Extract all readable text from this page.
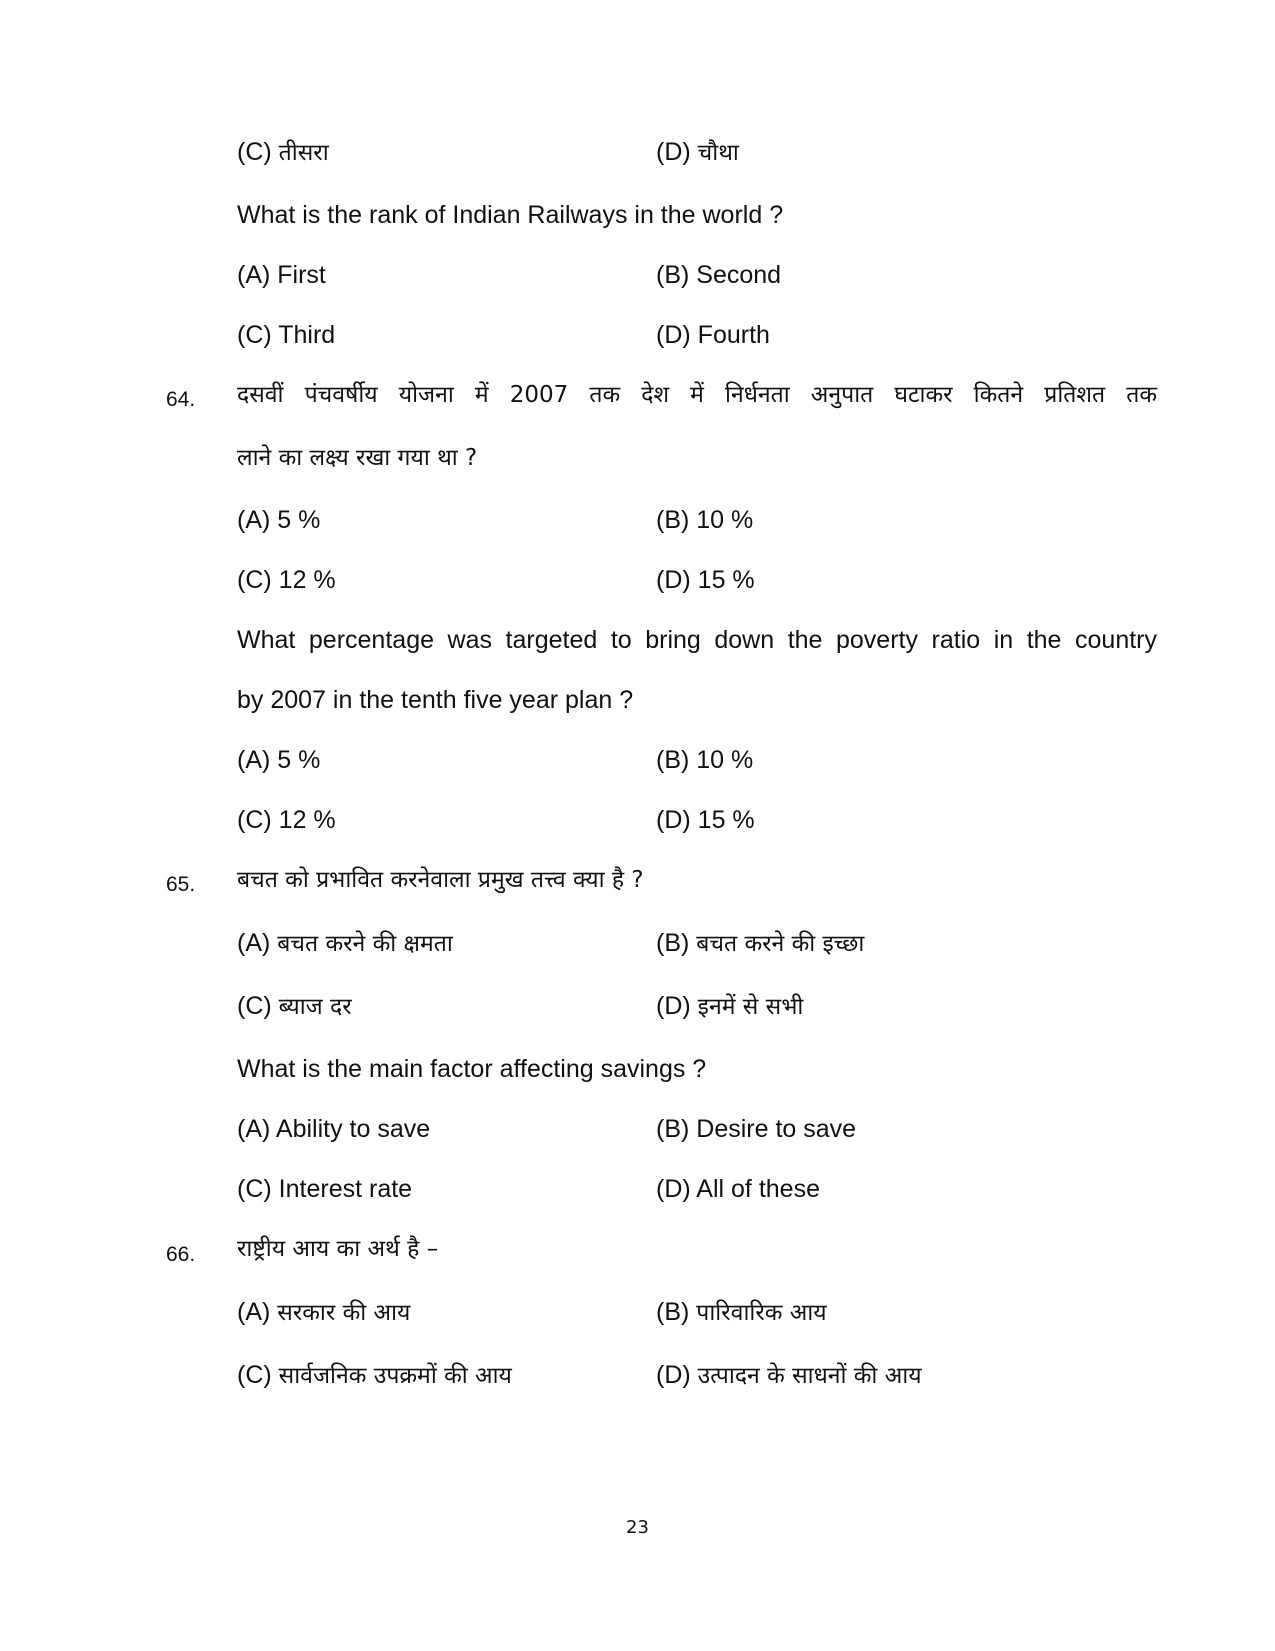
(C) तीसरा	(D) चौथा
What is the rank of Indian Railways in the world ?
(A) First	(B) Second
(C) Third	(D) Fourth
64. दसवीं पंचवर्षीय योजना में 2007 तक देश में निर्धनता अनुपात घटाकर कितने प्रतिशत तक
लाने का लक्ष्य रखा गया था ?
(A) 5 %	(B) 10 %
(C) 12 %	(D) 15 %
What percentage was targeted to bring down the poverty ratio in the country
by 2007 in the tenth five year plan ?
(A) 5 %	(B) 10 %
(C) 12 %	(D) 15 %
65. बचत को प्रभावित करनेवाला प्रमुख तत्त्व क्या है ?
(A) बचत करने की क्षमता	(B) बचत करने की इच्छा
(C) ब्याज दर	(D) इनमें से सभी
What is the main factor affecting savings ?
(A) Ability to save	(B) Desire to save
(C) Interest rate	(D) All of these
66. राष्ट्रीय आय का अर्थ है –
(A) सरकार की आय	(B) पारिवारिक आय
(C) सार्वजनिक उपक्रमों की आय	(D) उत्पादन के साधनों की आय
23
